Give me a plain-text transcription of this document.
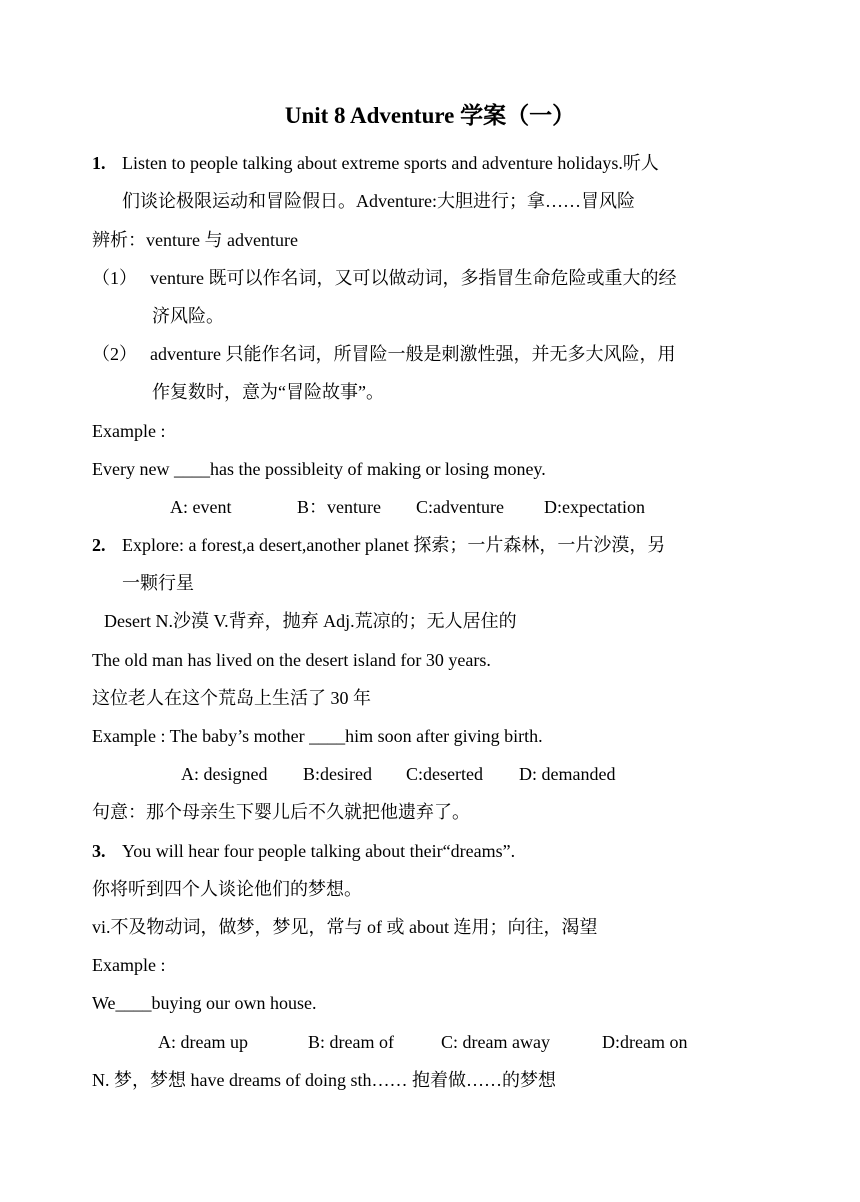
Unit 8 Adventure 学案（一）
1. Listen to people talking about extreme sports and adventure holidays.听人
们谈论极限运动和冒险假日。Adventure:大胆进行；拿……冒风险
辨析：venture 与 adventure
（1） venture 既可以作名词，又可以做动词，多指冒生命危险或重大的经
济风险。
（2） adventure 只能作名词，所冒险一般是刺激性强，并无多大风险，用
作复数时，意为“冒险故事”。
Example :
Every new ____has the possibleity of making or losing money.
A: event	B：venture C:adventure D:expectation
2. Explore: a forest,a desert,another planet 探索；一片森林，一片沙漠，另
一颗行星
Desert N.沙漠 V.背弃，抛弃 Adj.荒凉的；无人居住的
The old man has lived on the desert island for 30 years.
这位老人在这个荒岛上生活了 30 年
Example : The baby’s mother ____him soon after giving birth.
A: designed B:desired C:deserted D: demanded
句意：那个母亲生下婴儿后不久就把他遗弃了。
3. You will hear four people talking about their“dreams”.
你将听到四个人谈论他们的梦想。
vi.不及物动词，做梦，梦见，常与 of 或 about 连用；向往，渴望
Example :
We____buying our own house.
A: dream up	B: dream of	C: dream away	D:dream on
N. 梦，梦想 have dreams of doing sth…… 抱着做……的梦想
